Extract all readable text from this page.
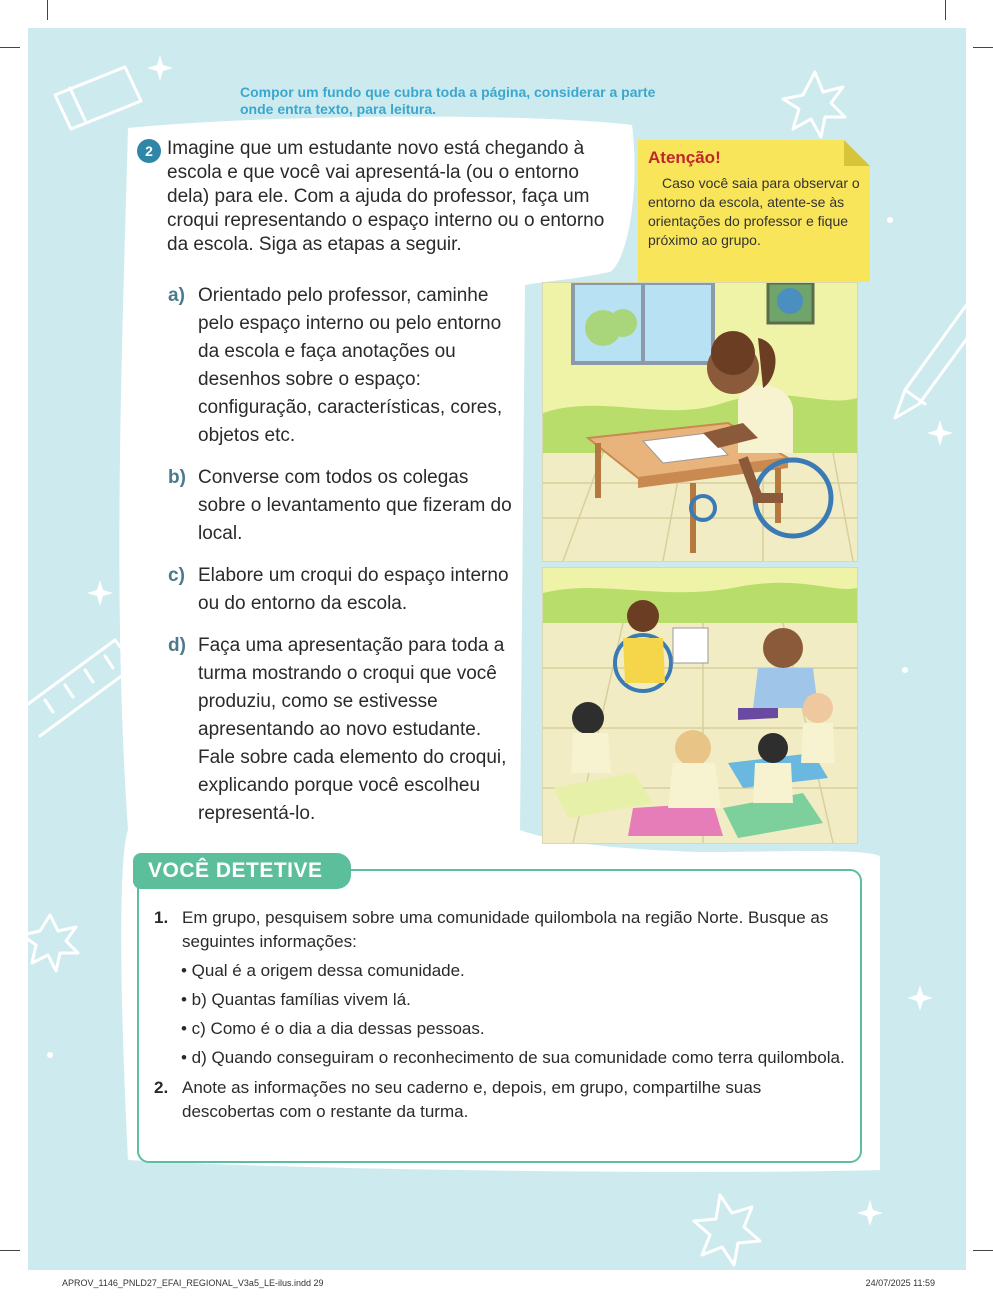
Compor um fundo que cubra toda a página, considerar a parte onde entra texto, para leitura.
2 Imagine que um estudante novo está chegando à escola e que você vai apresentá-la (ou o entorno dela) para ele. Com a ajuda do professor, faça um croqui representando o espaço interno ou o entorno da escola. Siga as etapas a seguir.
a) Orientado pelo professor, caminhe pelo espaço interno ou pelo entorno da escola e faça anotações ou desenhos sobre o espaço: configuração, características, cores, objetos etc.
b) Converse com todos os colegas sobre o levantamento que fizeram do local.
c) Elabore um croqui do espaço interno ou do entorno da escola.
d) Faça uma apresentação para toda a turma mostrando o croqui que você produziu, como se estivesse apresentando ao novo estudante. Fale sobre cada elemento do croqui, explicando porque você escolheu representá-lo.
Atenção!
Caso você saia para observar o entorno da escola, atente-se às orientações do professor e fique próximo ao grupo.
VOCÊ DETETIVE
1. Em grupo, pesquisem sobre uma comunidade quilombola na região Norte. Busque as seguintes informações:
• Qual é a origem dessa comunidade.
• b) Quantas famílias vivem lá.
• c) Como é o dia a dia dessas pessoas.
• d) Quando conseguiram o reconhecimento de sua comunidade como terra quilombola.
2. Anote as informações no seu caderno e, depois, em grupo, compartilhe suas descobertas com o restante da turma.
APROV_1146_PNLD27_EFAI_REGIONAL_V3a5_LE-ilus.indd 29	24/07/2025 11:59
